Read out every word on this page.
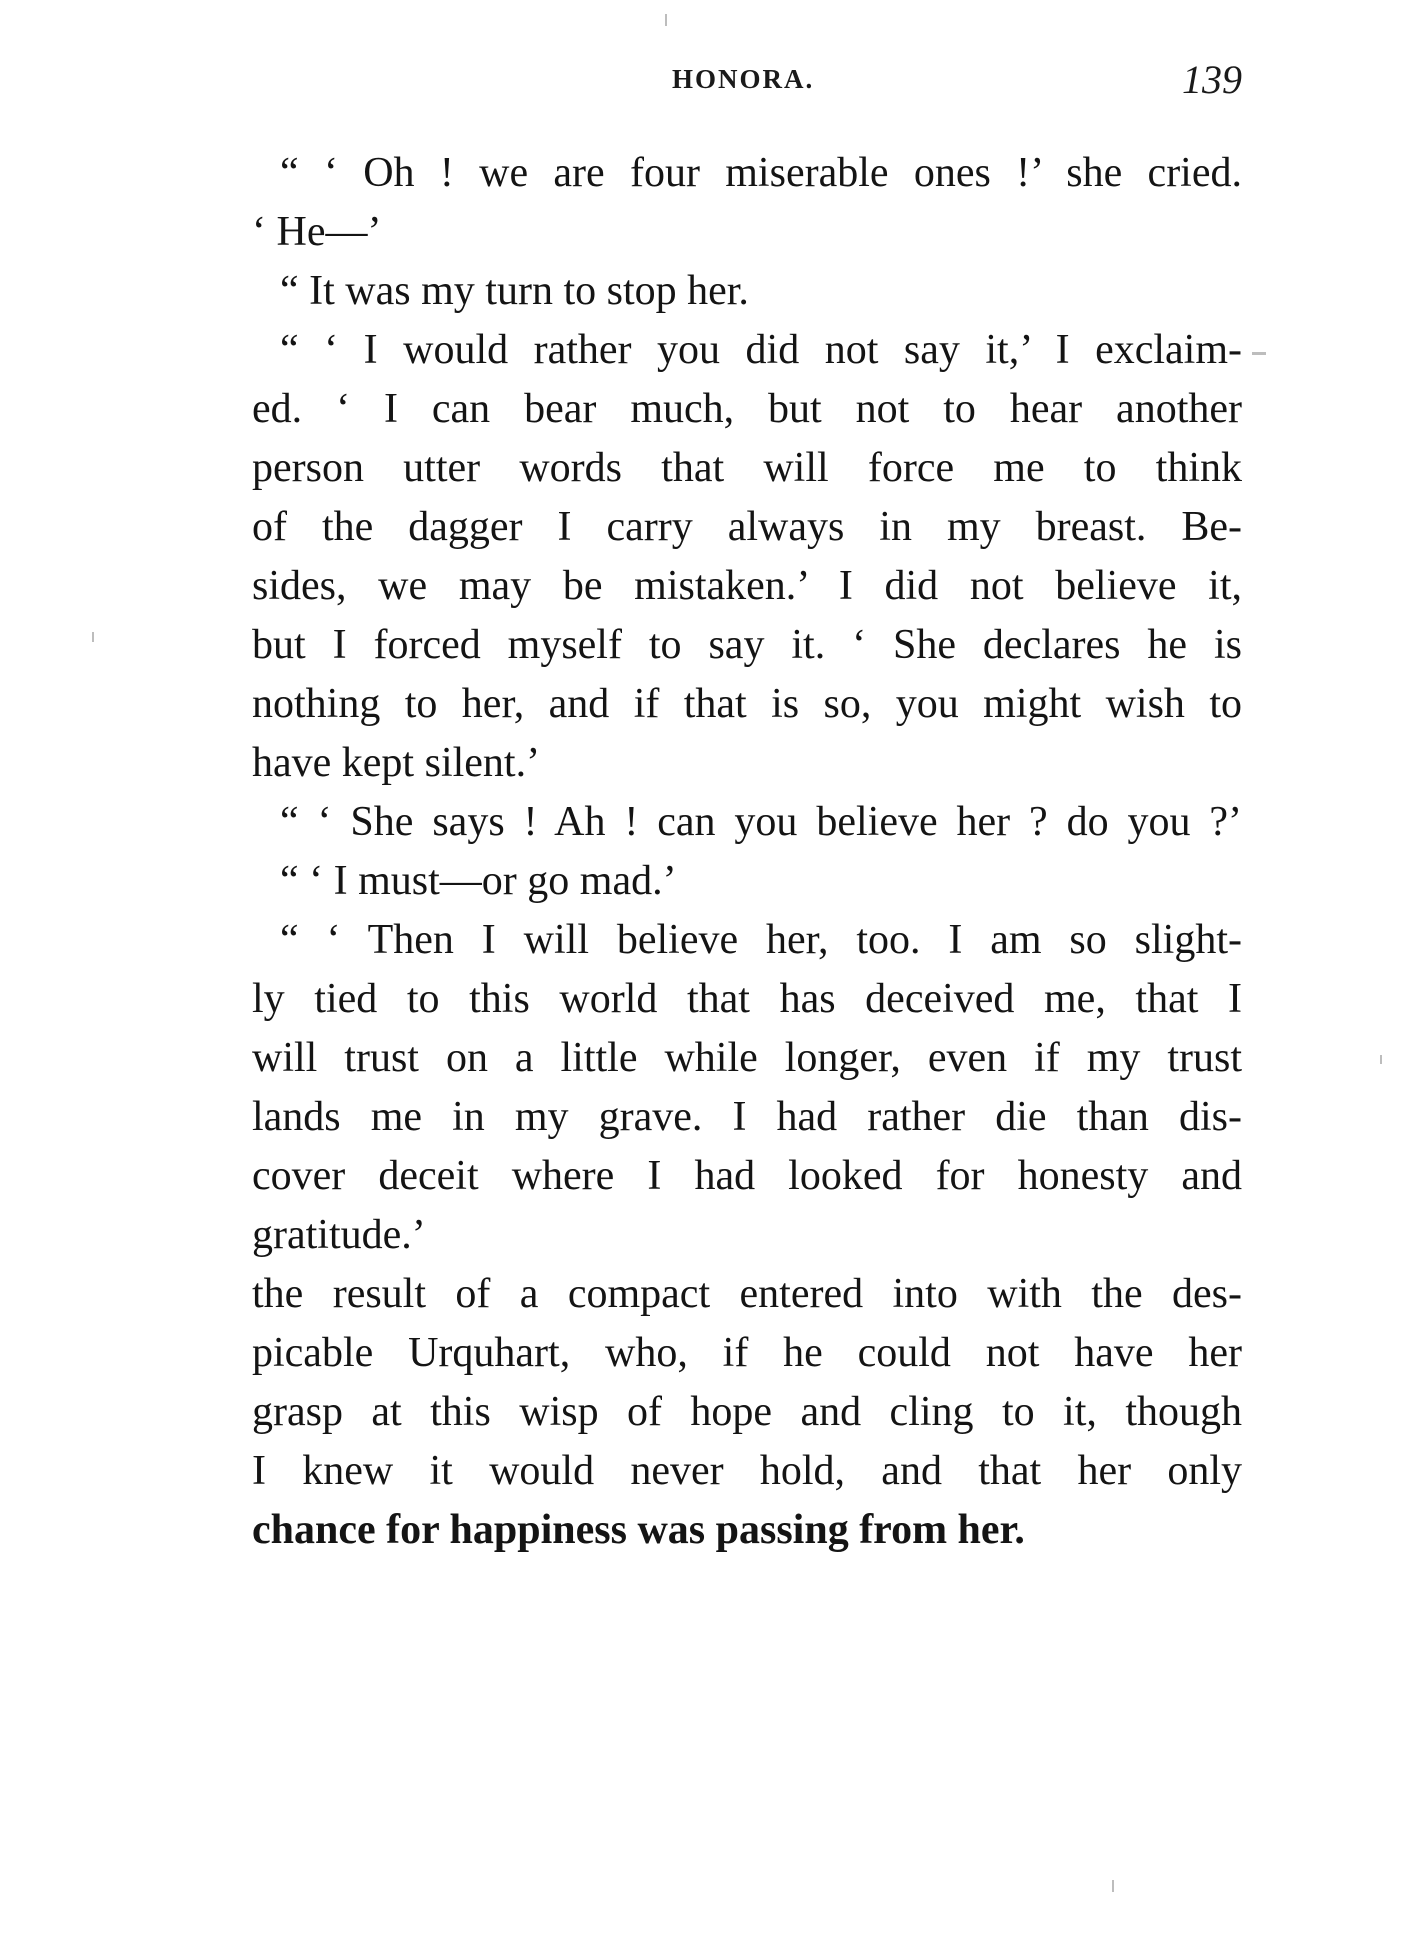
HONORA.	139
“ ‘ Oh ! we are four miserable ones !’ she cried.
‘ He—’
“ It was my turn to stop her.
“ ‘ I would rather you did not say it,’ I exclaim-
ed. ‘ I can bear much, but not to hear another
person utter words that will force me to think
of the dagger I carry always in my breast. Be-
sides, we may be mistaken.’ I did not believe it,
but I forced myself to say it. ‘ She declares he is
nothing to her, and if that is so, you might wish to
have kept silent.’
“ ‘ She says ! Ah ! can you believe her ? do you ?’
“ ‘ I must—or go mad.’
“ ‘ Then I will believe her, too. I am so slight-
ly tied to this world that has deceived me, that I
will trust on a little while longer, even if my trust
lands me in my grave. I had rather die than dis-
cover deceit where I had looked for honesty and
gratitude.’
the result of a compact entered into with the des-
picable Urquhart, who, if he could not have her
grasp at this wisp of hope and cling to it, though
I knew it would never hold, and that her only
chance for happiness was passing from her.
